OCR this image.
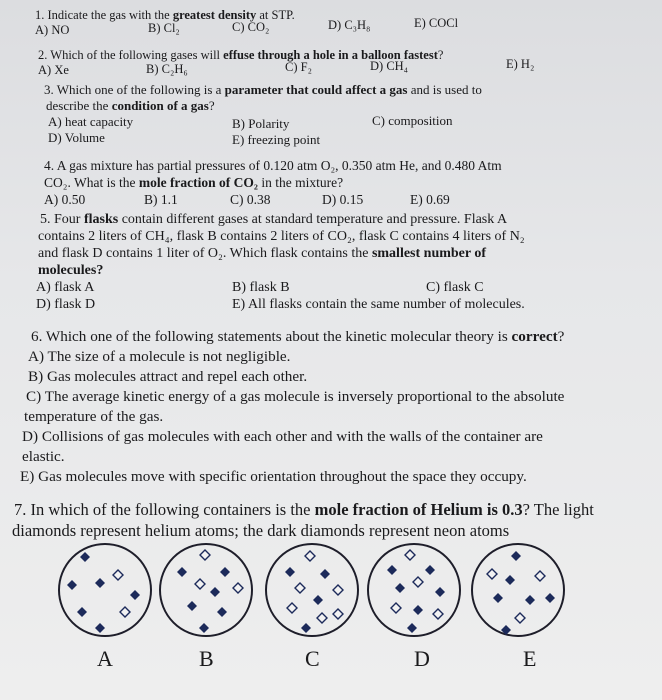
1. Indicate the gas with the greatest density at STP.
A) NO	B) Cl₂	C) CO₂	D) C₃H₈	E) COCl
2. Which of the following gases will effuse through a hole in a balloon fastest?
A) Xe	B) C₂H₆	C) F₂	D) CH₄	E) H₂
3. Which one of the following is a parameter that could affect a gas and is used to
describe the condition of a gas?
A) heat capacity	B) Polarity	C) composition
D) Volume	E) freezing point
4. A gas mixture has partial pressures of 0.120 atm O₂, 0.350 atm He, and 0.480 Atm
CO₂. What is the mole fraction of CO₂ in the mixture?
A) 0.50	B) 1.1	C) 0.38	D) 0.15	E) 0.69
5. Four flasks contain different gases at standard temperature and pressure. Flask A
contains 2 liters of CH₄, flask B contains 2 liters of CO₂, flask C contains 4 liters of N₂
and flask D contains 1 liter of O₂. Which flask contains the smallest number of
molecules?
A) flask A	B) flask B	C) flask C
D) flask D	E) All flasks contain the same number of molecules.
6. Which one of the following statements about the kinetic molecular theory is correct?
A) The size of a molecule is not negligible.
B) Gas molecules attract and repel each other.
C) The average kinetic energy of a gas molecule is inversely proportional to the absolute
temperature of the gas.
D) Collisions of gas molecules with each other and with the walls of the container are
elastic.
E) Gas molecules move with specific orientation throughout the space they occupy.
7. In which of the following containers is the mole fraction of Helium is 0.3? The light
diamonds represent helium atoms; the dark diamonds represent neon atoms
A	B	C	D	E
